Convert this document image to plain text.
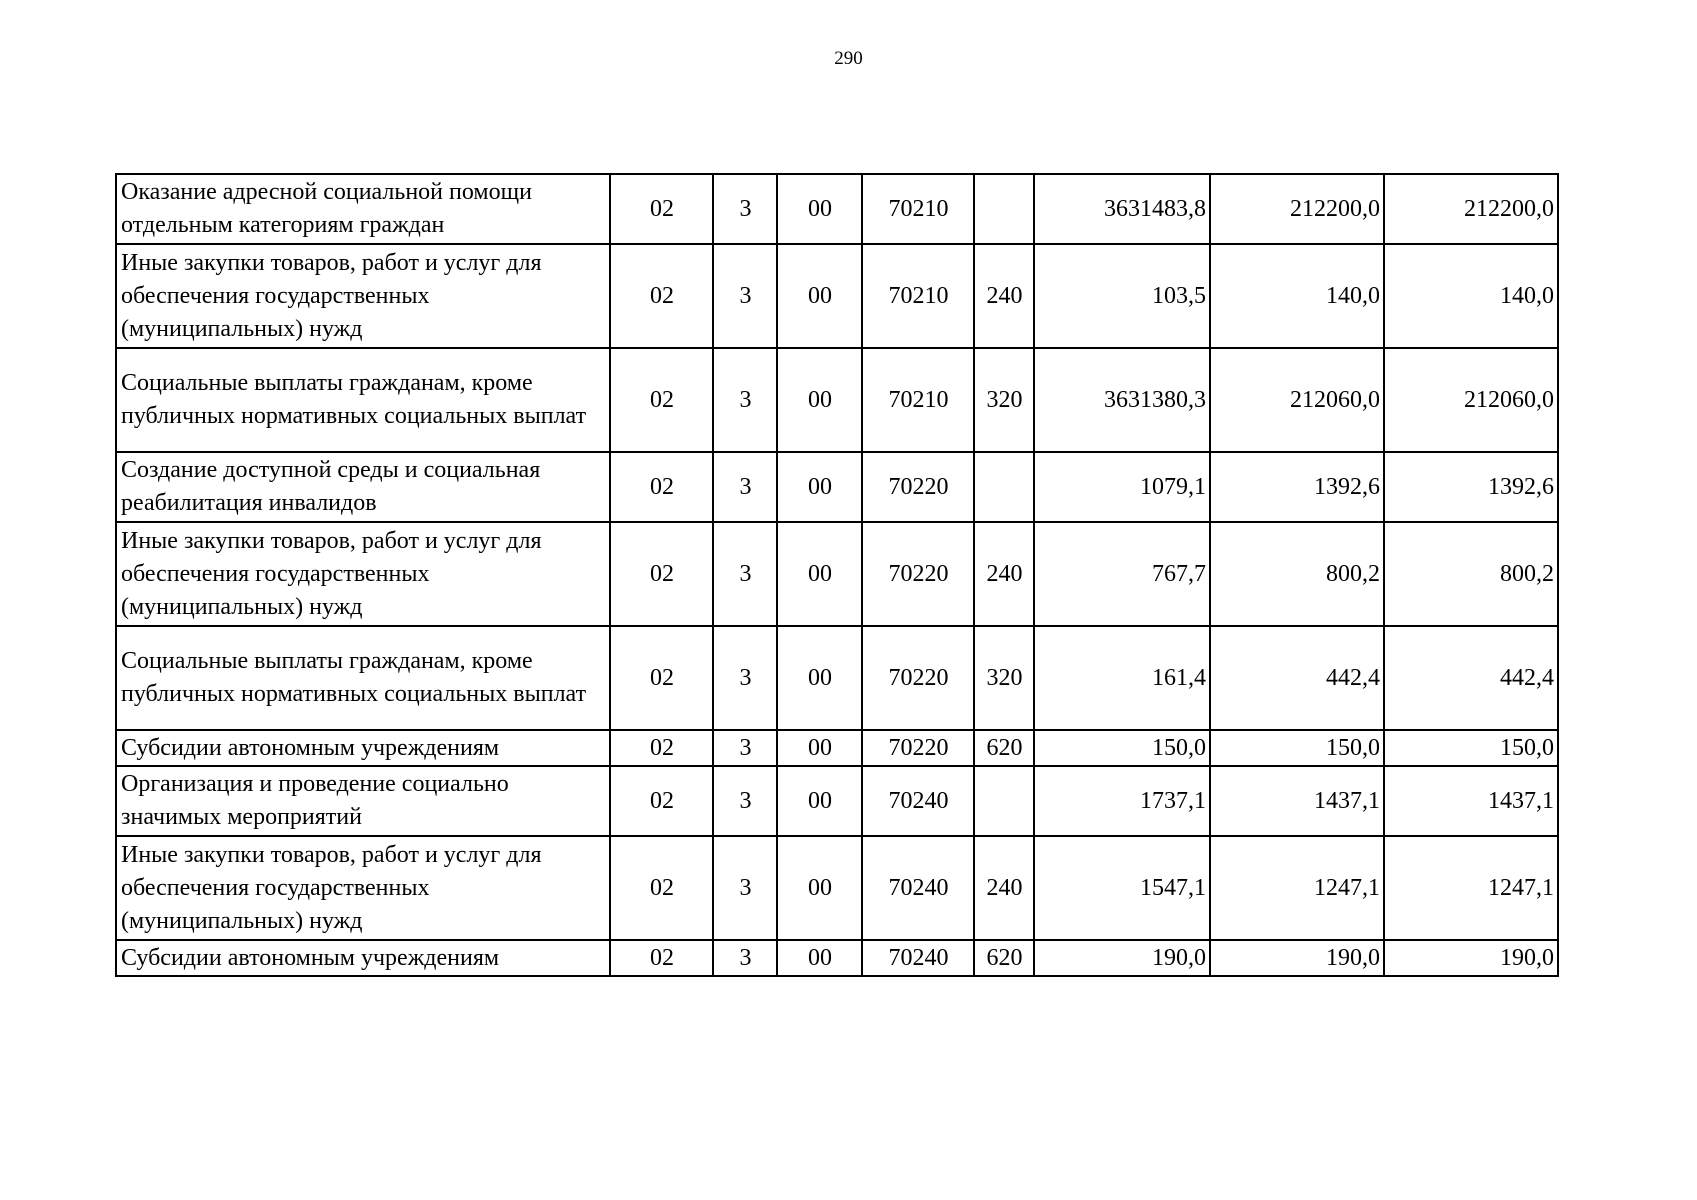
290
Оказание адресной социальной помощи отдельным категориям граждан	02	3	00	70210		3631483,8	212200,0	212200,0
Иные закупки товаров, работ и услуг для обеспечения государственных (муниципальных) нужд	02	3	00	70210	240	103,5	140,0	140,0
Социальные выплаты гражданам, кроме публичных нормативных социальных выплат	02	3	00	70210	320	3631380,3	212060,0	212060,0
Создание доступной среды и социальная реабилитация инвалидов	02	3	00	70220		1079,1	1392,6	1392,6
Иные закупки товаров, работ и услуг для обеспечения государственных (муниципальных) нужд	02	3	00	70220	240	767,7	800,2	800,2
Социальные выплаты гражданам, кроме публичных нормативных социальных выплат	02	3	00	70220	320	161,4	442,4	442,4
Субсидии автономным учреждениям	02	3	00	70220	620	150,0	150,0	150,0
Организация и проведение социально значимых мероприятий	02	3	00	70240		1737,1	1437,1	1437,1
Иные закупки товаров, работ и услуг для обеспечения государственных (муниципальных) нужд	02	3	00	70240	240	1547,1	1247,1	1247,1
Субсидии автономным учреждениям	02	3	00	70240	620	190,0	190,0	190,0
